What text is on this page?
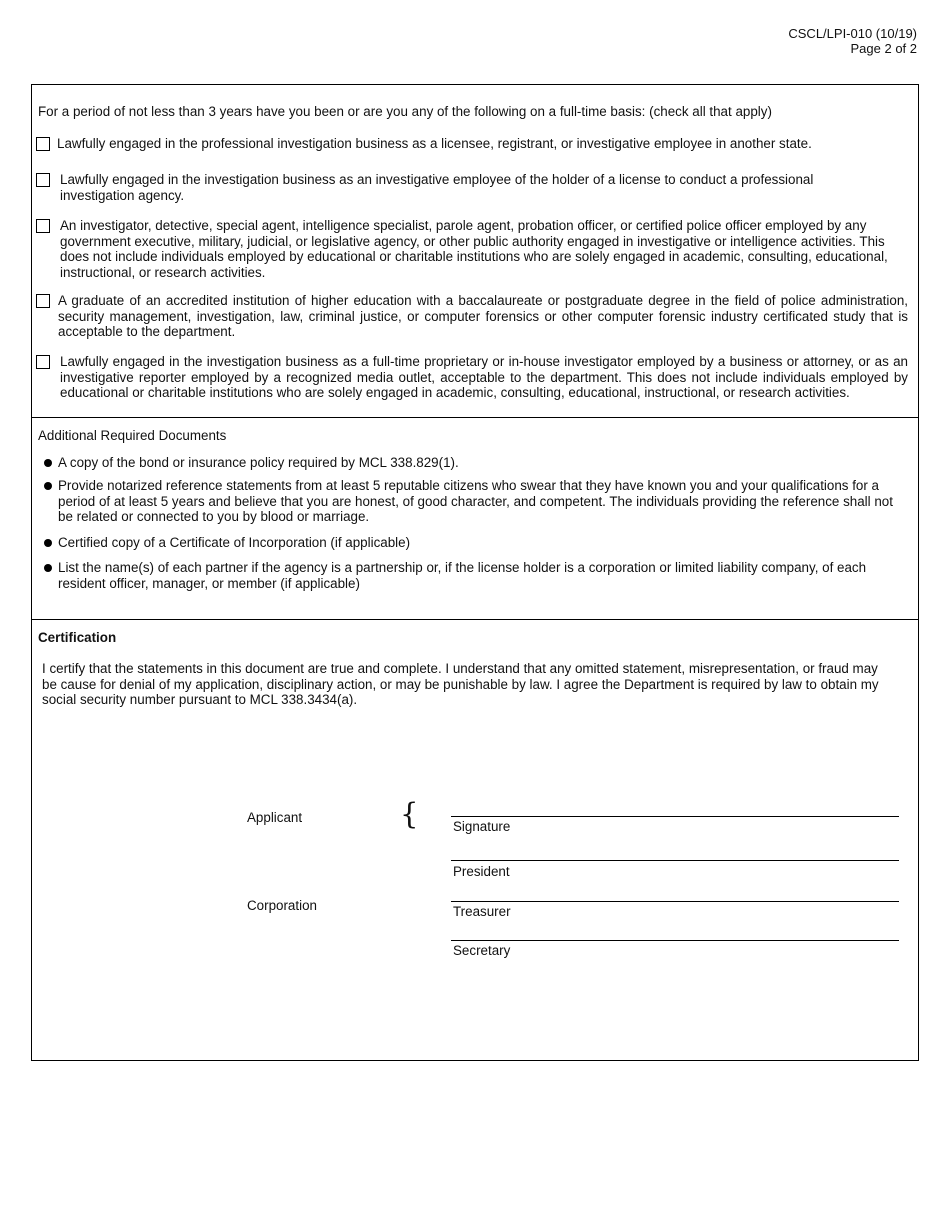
CSCL/LPI-010 (10/19)
Page 2 of 2
For a period of not less than 3 years have you been or are you any of the following on a full-time basis: (check all that apply)
Lawfully engaged in the professional investigation business as a licensee, registrant, or investigative employee in another state.
Lawfully engaged in the investigation business as an investigative employee of the holder of a license to conduct a professional investigation agency.
An investigator, detective, special agent, intelligence specialist, parole agent, probation officer, or certified police officer employed by any government executive, military, judicial, or legislative agency, or other public authority engaged in investigative or intelligence activities. This does not include individuals employed by educational or charitable institutions who are solely engaged in academic, consulting, educational, instructional, or research activities.
A graduate of an accredited institution of higher education with a baccalaureate or postgraduate degree in the field of police administration, security management, investigation, law, criminal justice, or computer forensics or other computer forensic industry certificated study that is acceptable to the department.
Lawfully engaged in the investigation business as a full-time proprietary or in-house investigator employed by a business or attorney, or as an investigative reporter employed by a recognized media outlet, acceptable to the department. This does not include individuals employed by educational or charitable institutions who are solely engaged in academic, consulting, educational, instructional, or research activities.
Additional Required Documents
A copy of the bond or insurance policy required by MCL 338.829(1).
Provide notarized reference statements from at least 5 reputable citizens who swear that they have known you and your qualifications for a period of at least 5 years and believe that you are honest, of good character, and competent. The individuals providing the reference shall not be related or connected to you by blood or marriage.
Certified copy of a Certificate of Incorporation (if applicable)
List the name(s) of each partner if the agency is a partnership or, if the license holder is a corporation or limited liability company, of each resident officer, manager, or member (if applicable)
Certification
I certify that the statements in this document are true and complete. I understand that any omitted statement, misrepresentation, or fraud may be cause for denial of my application, disciplinary action, or may be punishable by law. I agree the Department is required by law to obtain my social security number pursuant to MCL 338.3434(a).
Applicant	{	Signature
President
Corporation	Treasurer
Secretary
